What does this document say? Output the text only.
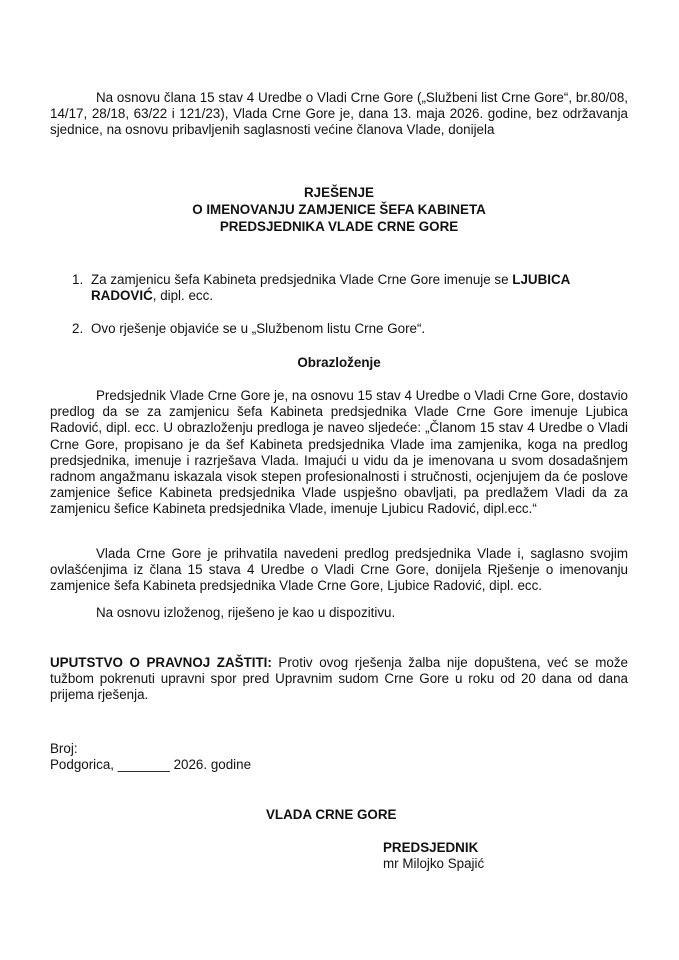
Na osnovu člana 15 stav 4 Uredbe o Vladi Crne Gore („Službeni list Crne Gore“, br.80/08, 14/17, 28/18, 63/22 i 121/23), Vlada Crne Gore je, dana 13. maja 2026. godine, bez održavanja sjednice, na osnovu pribavljenih saglasnosti većine članova Vlade, donijela

RJEŠENJE

O IMENOVANJU ZAMJENICE ŠEFA KABINETA

PREDSJEDNIKA VLADE CRNE GORE

1. Za zamjenicu šefa Kabineta predsjednika Vlade Crne Gore imenuje se LJUBICA RADOVIĆ, dipl. ecc.

2. Ovo rješenje objaviće se u „Službenom listu Crne Gore“.

Obrazloženje

Predsjednik Vlade Crne Gore je, na osnovu 15 stav 4 Uredbe o Vladi Crne Gore, dostavio predlog da se za zamjenicu šefa Kabineta predsjednika Vlade Crne Gore imenuje Ljubica Radović, dipl. ecc. U obrazloženju predloga je naveo sljedeće: „Članom 15 stav 4 Uredbe o Vladi Crne Gore, propisano je da šef Kabineta predsjednika Vlade ima zamjenika, koga na predlog predsjednika, imenuje i razrješava Vlada. Imajući u vidu da je imenovana u svom dosadašnjem radnom angažmanu iskazala visok stepen profesionalnosti i stručnosti, ocjenjujem da će poslove zamjenice šefice Kabineta predsjednika Vlade uspješno obavljati, pa predlažem Vladi da za zamjenicu šefice Kabineta predsjednika Vlade, imenuje Ljubicu Radović, dipl.ecc.“

Vlada Crne Gore je prihvatila navedeni predlog predsjednika Vlade i, saglasno svojim ovlašćenjima iz člana 15 stava 4 Uredbe o Vladi Crne Gore, donijela Rješenje o imenovanju zamjenice šefa Kabineta predsjednika Vlade Crne Gore, Ljubice Radović, dipl. ecc.

Na osnovu izloženog, riješeno je kao u dispozitivu.

UPUTSTVO O PRAVNOJ ZAŠTITI: Protiv ovog rješenja žalba nije dopuštena, već se može tužbom pokrenuti upravni spor pred Upravnim sudom Crne Gore u roku od 20 dana od dana prijema rješenja.

Broj:

Podgorica, _______ 2026. godine

VLADA CRNE GORE

PREDSJEDNIK

mr Milojko Spajić
